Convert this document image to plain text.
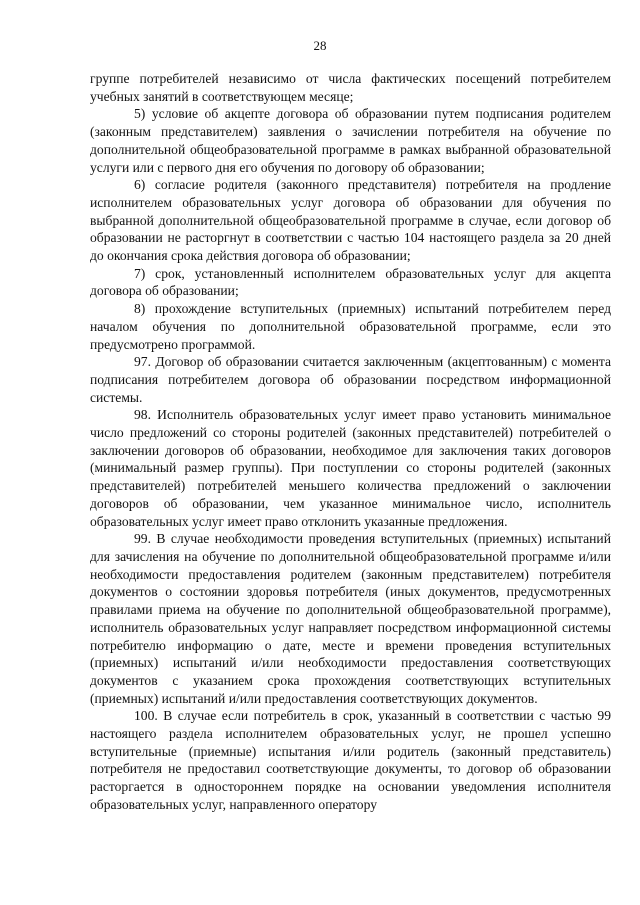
28

группе потребителей независимо от числа фактических посещений потребителем учебных занятий в соответствующем месяце;

5) условие об акцепте договора об образовании путем подписания родителем (законным представителем) заявления о зачислении потребителя на обучение по дополнительной общеобразовательной программе в рамках выбранной образовательной услуги или с первого дня его обучения по договору об образовании;

6) согласие родителя (законного представителя) потребителя на продление исполнителем образовательных услуг договора об образовании для обучения по выбранной дополнительной общеобразовательной программе в случае, если договор об образовании не расторгнут в соответствии с частью 104 настоящего раздела за 20 дней до окончания срока действия договора об образовании;

7) срок, установленный исполнителем образовательных услуг для акцепта договора об образовании;

8) прохождение вступительных (приемных) испытаний потребителем перед началом обучения по дополнительной образовательной программе, если это предусмотрено программой.

97. Договор об образовании считается заключенным (акцептованным) с момента подписания потребителем договора об образовании посредством информационной системы.

98. Исполнитель образовательных услуг имеет право установить минимальное число предложений со стороны родителей (законных представителей) потребителей о заключении договоров об образовании, необходимое для заключения таких договоров (минимальный размер группы). При поступлении со стороны родителей (законных представителей) потребителей меньшего количества предложений о заключении договоров об образовании, чем указанное минимальное число, исполнитель образовательных услуг имеет право отклонить указанные предложения.

99. В случае необходимости проведения вступительных (приемных) испытаний для зачисления на обучение по дополнительной общеобразовательной программе и/или необходимости предоставления родителем (законным представителем) потребителя документов о состоянии здоровья потребителя (иных документов, предусмотренных правилами приема на обучение по дополнительной общеобразовательной программе), исполнитель образовательных услуг направляет посредством информационной системы потребителю информацию о дате, месте и времени проведения вступительных (приемных) испытаний и/или необходимости предоставления соответствующих документов с указанием срока прохождения соответствующих вступительных (приемных) испытаний и/или предоставления соответствующих документов.

100. В случае если потребитель в срок, указанный в соответствии с частью 99 настоящего раздела исполнителем образовательных услуг, не прошел успешно вступительные (приемные) испытания и/или родитель (законный представитель) потребителя не предоставил соответствующие документы, то договор об образовании расторгается в одностороннем порядке на основании уведомления исполнителя образовательных услуг, направленного оператору
